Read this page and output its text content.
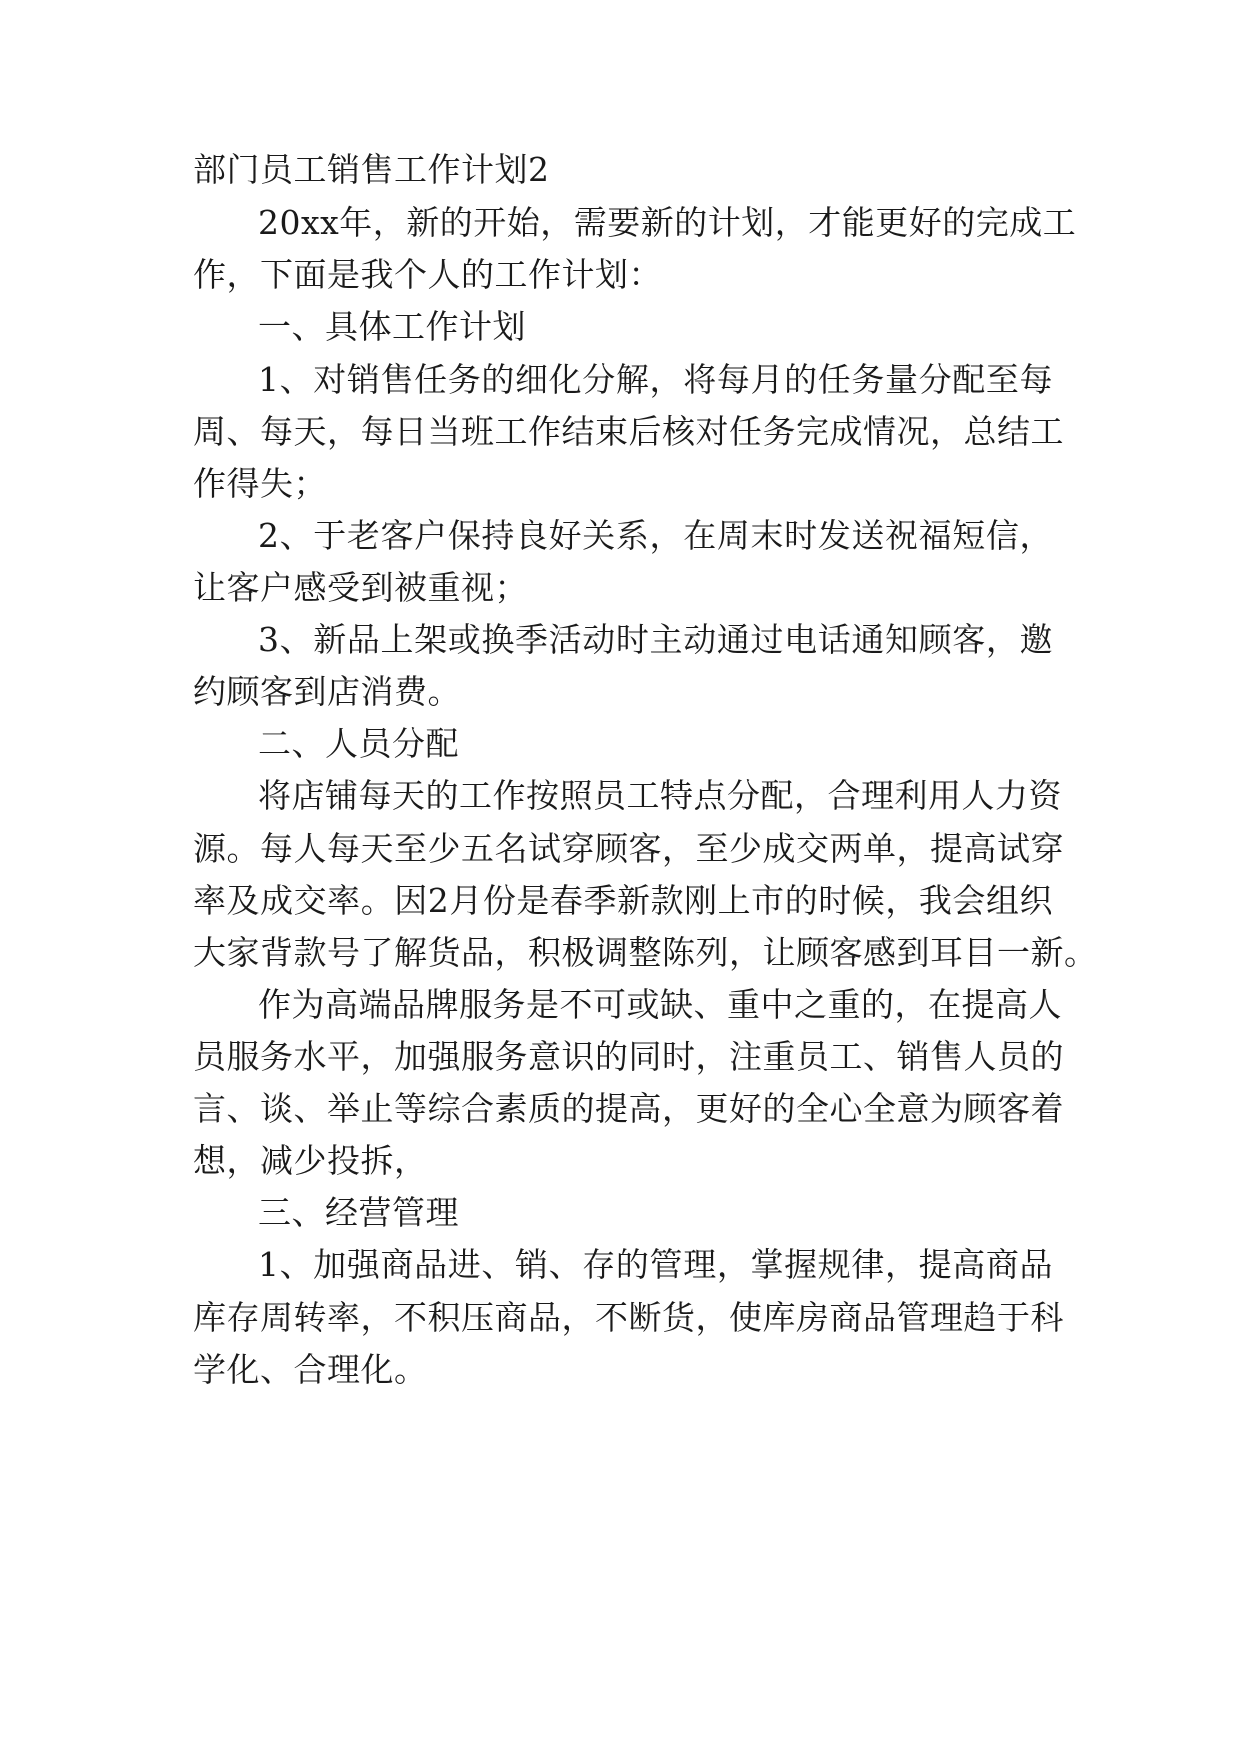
部门员工销售工作计划2
20xx年，新的开始，需要新的计划，才能更好的完成工
作，下面是我个人的工作计划：
一、具体工作计划
1、对销售任务的细化分解，将每月的任务量分配至每
周、每天，每日当班工作结束后核对任务完成情况，总结工
作得失；
2、于老客户保持良好关系，在周末时发送祝福短信，
让客户感受到被重视；
3、新品上架或换季活动时主动通过电话通知顾客，邀
约顾客到店消费。
二、人员分配
将店铺每天的工作按照员工特点分配，合理利用人力资
源。每人每天至少五名试穿顾客，至少成交两单，提高试穿
率及成交率。因2月份是春季新款刚上市的时候，我会组织
大家背款号了解货品，积极调整陈列，让顾客感到耳目一新。
作为高端品牌服务是不可或缺、重中之重的，在提高人
员服务水平，加强服务意识的同时，注重员工、销售人员的
言、谈、举止等综合素质的提高，更好的全心全意为顾客着
想，减少投拆，
三、经营管理
1、加强商品进、销、存的管理，掌握规律，提高商品
库存周转率，不积压商品，不断货，使库房商品管理趋于科
学化、合理化。
